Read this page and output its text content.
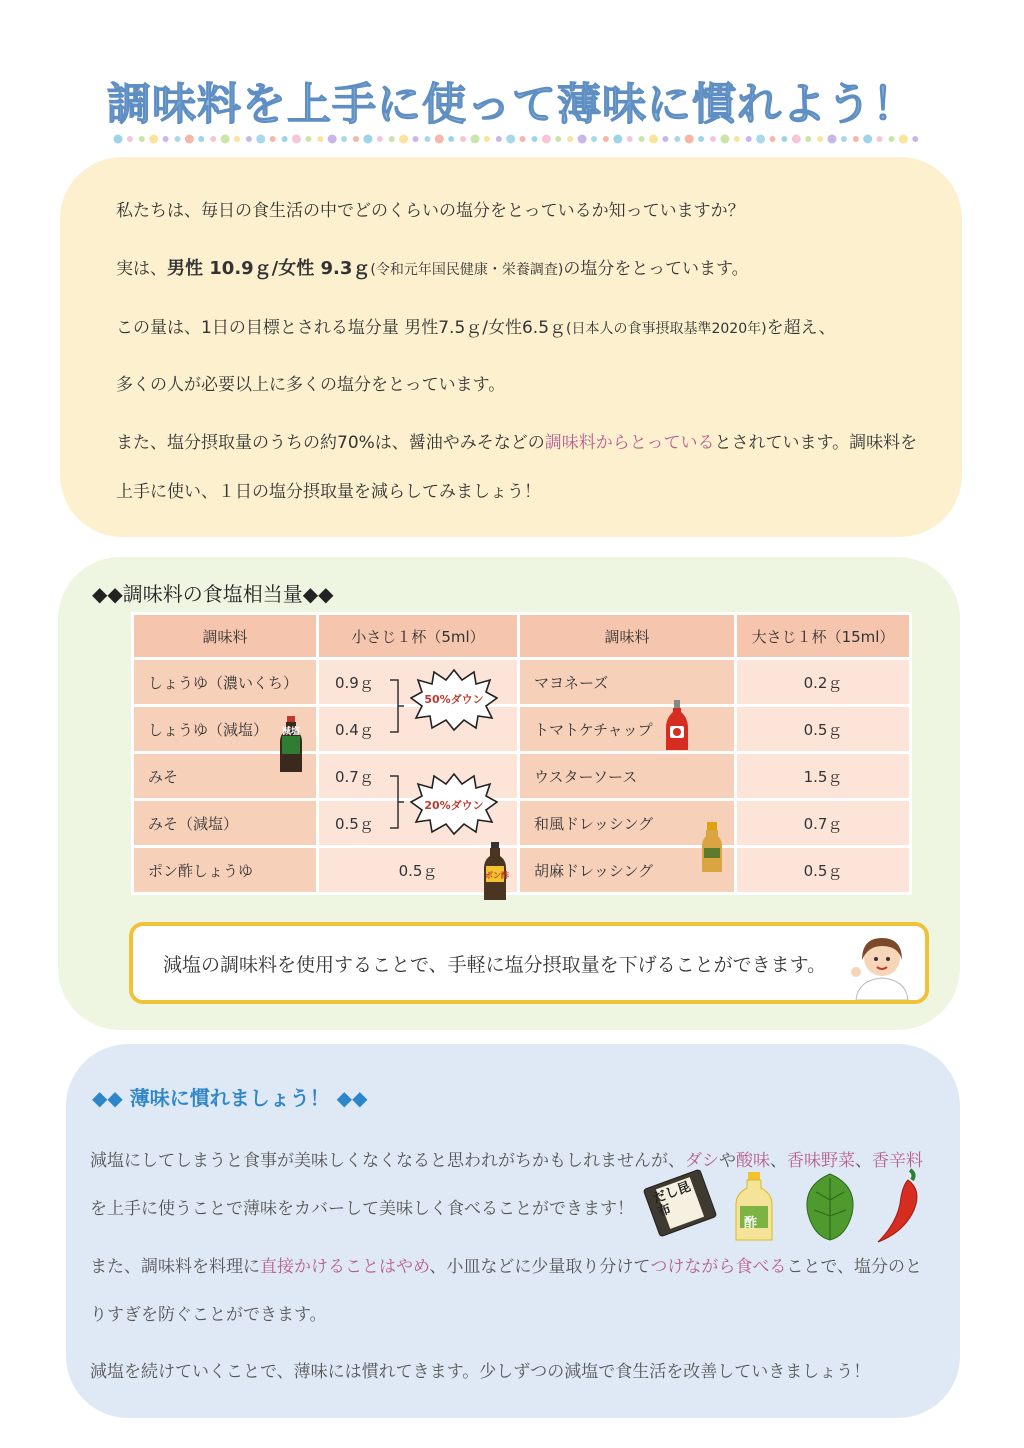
調味料を上手に使って薄味に慣れよう！
私たちは、毎日の食生活の中でどのくらいの塩分をとっているか知っていますか？
実は、男性 10.9ｇ/女性 9.3ｇ(令和元年国民健康・栄養調査)の塩分をとっています。
この量は、1日の目標とされる塩分量 男性7.5ｇ/女性6.5ｇ(日本人の食事摂取基準2020年)を超え、
多くの人が必要以上に多くの塩分をとっています。
また、塩分摂取量のうちの約70%は、醤油やみそなどの調味料からとっているとされています。調味料を
上手に使い、１日の塩分摂取量を減らしてみましょう！
◆◆調味料の食塩相当量◆◆
調味料	小さじ１杯（5ml）	調味料	大さじ１杯（15ml）
しょうゆ（濃いくち）	0.9ｇ	マヨネーズ	0.2ｇ
しょうゆ（減塩）	0.4ｇ	トマトケチャップ	0.5ｇ
みそ	0.7ｇ	ウスターソース	1.5ｇ
みそ（減塩）	0.5ｇ	和風ドレッシング	0.7ｇ
ポン酢しょうゆ	0.5ｇ	胡麻ドレッシング	0.5ｇ
50%ダウン
20%ダウン
減塩
ポン酢
減塩の調味料を使用することで、手軽に塩分摂取量を下げることができます。
◆◆ 薄味に慣れましょう！ ◆◆
減塩にしてしまうと食事が美味しくなくなると思われがちかもしれませんが、ダシや酸味、香味野菜、香辛料
を上手に使うことで薄味をカバーして美味しく食べることができます！
また、調味料を料理に直接かけることはやめ、小皿などに少量取り分けてつけながら食べることで、塩分のと
りすぎを防ぐことができます。
減塩を続けていくことで、薄味には慣れてきます。少しずつの減塩で食生活を改善していきましょう！
だし昆布
酢
